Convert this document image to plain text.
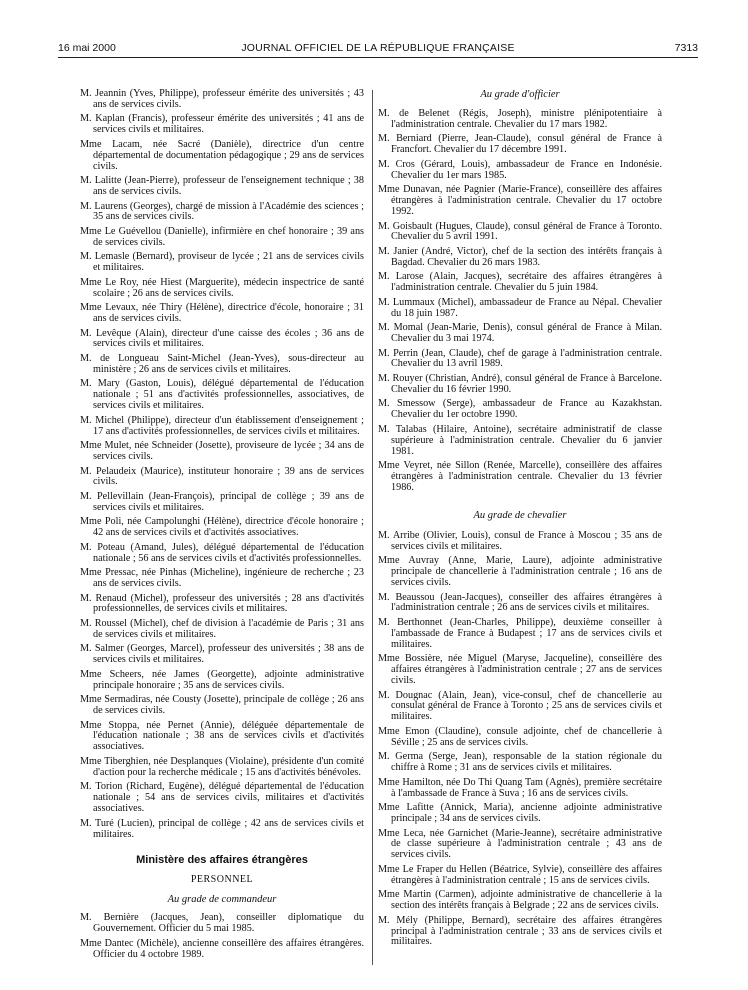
16 mai 2000	JOURNAL OFFICIEL DE LA RÉPUBLIQUE FRANÇAISE	7313

M. Jeannin (Yves, Philippe), professeur émérite des universités ; 43 ans de services civils.

M. Kaplan (Francis), professeur émérite des universités ; 41 ans de services civils et militaires.

Mme Lacam, née Sacré (Danièle), directrice d'un centre départemental de documentation pédagogique ; 29 ans de services civils.

M. Lalitte (Jean-Pierre), professeur de l'enseignement technique ; 38 ans de services civils.

M. Laurens (Georges), chargé de mission à l'Académie des sciences ; 35 ans de services civils.

Mme Le Guévellou (Danielle), infirmière en chef honoraire ; 39 ans de services civils.

M. Lemasle (Bernard), proviseur de lycée ; 21 ans de services civils et militaires.

Mme Le Roy, née Hiest (Marguerite), médecin inspectrice de santé scolaire ; 26 ans de services civils.

Mme Levaux, née Thiry (Hélène), directrice d'école, honoraire ; 31 ans de services civils.

M. Levêque (Alain), directeur d'une caisse des écoles ; 36 ans de services civils et militaires.

M. de Longueau Saint-Michel (Jean-Yves), sous-directeur au ministère ; 26 ans de services civils et militaires.

M. Mary (Gaston, Louis), délégué départemental de l'éducation nationale ; 51 ans d'activités professionnelles, associatives, de services civils et militaires.

M. Michel (Philippe), directeur d'un établissement d'enseignement ; 17 ans d'activités professionnelles, de services civils et militaires.

Mme Mulet, née Schneider (Josette), proviseure de lycée ; 34 ans de services civils.

M. Pelaudeix (Maurice), instituteur honoraire ; 39 ans de services civils.

M. Pellevillain (Jean-François), principal de collège ; 39 ans de services civils et militaires.

Mme Poli, née Campolunghi (Hélène), directrice d'école honoraire ; 42 ans de services civils et d'activités associatives.

M. Poteau (Amand, Jules), délégué départemental de l'éducation nationale ; 56 ans de services civils et d'activités professionnelles.

Mme Pressac, née Pinhas (Micheline), ingénieure de recherche ; 23 ans de services civils.

M. Renaud (Michel), professeur des universités ; 28 ans d'activités professionnelles, de services civils et militaires.

M. Roussel (Michel), chef de division à l'académie de Paris ; 31 ans de services civils et militaires.

M. Salmer (Georges, Marcel), professeur des universités ; 38 ans de services civils et militaires.

Mme Scheers, née James (Georgette), adjointe administrative principale honoraire ; 35 ans de services civils.

Mme Sermadiras, née Cousty (Josette), principale de collège ; 26 ans de services civils.

Mme Stoppa, née Pernet (Annie), déléguée départementale de l'éducation nationale ; 38 ans de services civils et d'activités associatives.

Mme Tiberghien, née Desplanques (Violaine), présidente d'un comité d'action pour la recherche médicale ; 15 ans d'activités bénévoles.

M. Torion (Richard, Eugène), délégué départemental de l'éducation nationale ; 54 ans de services civils, militaires et d'activités associatives.

M. Turé (Lucien), principal de collège ; 42 ans de services civils et militaires.

Ministère des affaires étrangères
PERSONNEL
Au grade de commandeur

M. Bernière (Jacques, Jean), conseiller diplomatique du Gouvernement. Officier du 5 mai 1985.

Mme Dantec (Michèle), ancienne conseillère des affaires étrangères. Officier du 4 octobre 1989.

Au grade d'officier

M. de Belenet (Régis, Joseph), ministre plénipotentiaire à l'administration centrale. Chevalier du 17 mars 1982.

M. Berniard (Pierre, Jean-Claude), consul général de France à Francfort. Chevalier du 17 décembre 1991.

M. Cros (Gérard, Louis), ambassadeur de France en Indonésie. Chevalier du 1er mars 1985.

Mme Dunavan, née Pagnier (Marie-France), conseillère des affaires étrangères à l'administration centrale. Chevalier du 17 octobre 1992.

M. Goisbault (Hugues, Claude), consul général de France à Toronto. Chevalier du 5 avril 1991.

M. Janier (André, Victor), chef de la section des intérêts français à Bagdad. Chevalier du 26 mars 1983.

M. Larose (Alain, Jacques), secrétaire des affaires étrangères à l'administration centrale. Chevalier du 5 juin 1984.

M. Lummaux (Michel), ambassadeur de France au Népal. Chevalier du 18 juin 1987.

M. Momal (Jean-Marie, Denis), consul général de France à Milan. Chevalier du 3 mai 1974.

M. Perrin (Jean, Claude), chef de garage à l'administration centrale. Chevalier du 13 avril 1989.

M. Rouyer (Christian, André), consul général de France à Barcelone. Chevalier du 16 février 1990.

M. Smessow (Serge), ambassadeur de France au Kazakhstan. Chevalier du 1er octobre 1990.

M. Talabas (Hilaire, Antoine), secrétaire administratif de classe supérieure à l'administration centrale. Chevalier du 6 janvier 1981.

Mme Veyret, née Sillon (Renée, Marcelle), conseillère des affaires étrangères à l'administration centrale. Chevalier du 13 février 1986.

Au grade de chevalier

M. Arribe (Olivier, Louis), consul de France à Moscou ; 35 ans de services civils et militaires.

Mme Auvray (Anne, Marie, Laure), adjointe administrative principale de chancellerie à l'administration centrale ; 16 ans de services civils.

M. Beaussou (Jean-Jacques), conseiller des affaires étrangères à l'administration centrale ; 26 ans de services civils et militaires.

M. Berthonnet (Jean-Charles, Philippe), deuxième conseiller à l'ambassade de France à Budapest ; 17 ans de services civils et militaires.

Mme Bossière, née Miguel (Maryse, Jacqueline), conseillère des affaires étrangères à l'administration centrale ; 27 ans de services civils.

M. Dougnac (Alain, Jean), vice-consul, chef de chancellerie au consulat général de France à Toronto ; 25 ans de services civils et militaires.

Mme Emon (Claudine), consule adjointe, chef de chancellerie à Séville ; 25 ans de services civils.

M. Germa (Serge, Jean), responsable de la station régionale du chiffre à Rome ; 31 ans de services civils et militaires.

Mme Hamilton, née Do Thi Quang Tam (Agnès), première secrétaire à l'ambassade de France à Suva ; 16 ans de services civils.

Mme Lafitte (Annick, Maria), ancienne adjointe administrative principale ; 34 ans de services civils.

Mme Leca, née Garnichet (Marie-Jeanne), secrétaire administrative de classe supérieure à l'administration centrale ; 43 ans de services civils.

Mme Le Fraper du Hellen (Béatrice, Sylvie), conseillère des affaires étrangères à l'administration centrale ; 15 ans de services civils.

Mme Martin (Carmen), adjointe administrative de chancellerie à la section des intérêts français à Belgrade ; 22 ans de services civils.

M. Mély (Philippe, Bernard), secrétaire des affaires étrangères principal à l'administration centrale ; 33 ans de services civils et militaires.
